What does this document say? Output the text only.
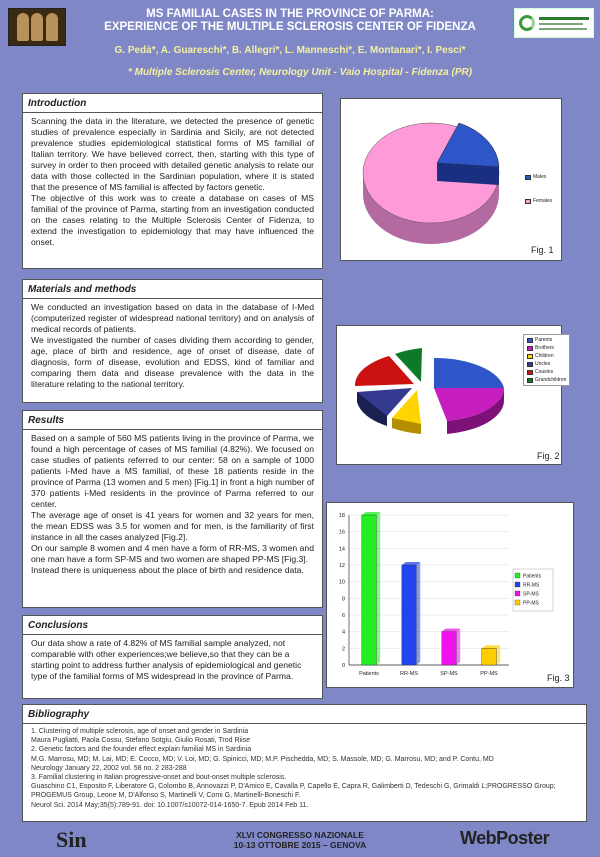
MS FAMILIAL CASES IN THE PROVINCE OF PARMA:
EXPERIENCE OF THE MULTIPLE SCLEROSIS CENTER OF FIDENZA
G. Pedà*, A. Guareschi*, B. Allegri*, L. Manneschi*, E. Montanari*, I. Pesci*
* Multiple Sclerosis Center, Neurology Unit - Vaio Hospital - Fidenza (PR)
Introduction

Scanning the data in the literature, we detected the presence of genetic studies of prevalence especially in Sardinia and Sicily, are not detected prevalence studies epidemiological statistical forms of MS familial of Italian territory. We have believed correct, then, starting with this type of survey in order to then proceed with detailed genetic analysis to relate our data with those collected in the Sardinian population, where it is stated that the presence of MS familial is affected by factors genetic.

The objective of this work was to create a database on cases of MS familial of the province of Parma, starting from an investigation conducted on the cases relating to the Multiple Sclerosis Center of Fidenza, to extend the investigation to epidemiology that may have influenced the onset.

Males
Females
Fig. 1
Materials and methods

We conducted an investigation based on data in the database of I-Med (computerized register of widespread national territory) and on analysis of medical records of patients.

We investigated the number of cases dividing them according to gender, age, place of birth and residence, age of onset of disease, date of diagnosis, form of disease, evolution and EDSS, kind of familiar and comparing them data and disease prevalence with the data in the literature relating to the national territory.

Parents
Brothers
Children
Uncles
Cousins
Grandchildren
Fig. 2
Results

Based on a sample of 560 MS patients living in the province of Parma, we found a high percentage of cases of MS familial (4.82%). We focused on case studies of patients referred to our center: 58 on a sample of 1000 patients i-Med have a MS familial, of these 18 patients reside in the province of Parma (13 women and 5 men) [Fig.1] in front a high number of 370 patients i-Med residents in the province of Parma referred to our center.

The average age of onset is 41 years for women and 32 years for men, the mean EDSS was 3.5 for women and for men, is the familiarity of first instance in all the cases analyzed [Fig.2].

On our sample 8 women and 4 men have a form of RR-MS, 3 women and one man have a form SP-MS and two women are shaped PP-MS [Fig.3].

Instead there is uniqueness about the place of birth and residence data.

0
2
4
6
8
10
12
14
16
18
Patients	RR-MS	SP-MS	PP-MS
Patients
RR-MS
SP-MS
PP-MS
Fig. 3
Conclusions

Our data show a rate of 4.82% of MS familial sample analyzed, not comparable with other experiences;we believe,so that they can be a starting point to address further analysis of epidemiological and genetic type of the familial forms of MS widespread in the province of Parma.

Bibliography
1. Clustering of multiple sclerosis, age of onset and gender in Sardinia
Maura Pugliatti, Paola Cossu, Stefano Sotgiu, Giulio Rosati, Trod Riise
2. Genetic factors and the founder effect explain familial MS in Sardinia
M.G. Marrosu, MD; M. Lai, MD; E. Cocco, MD; V. Loi, MD; G. Spinicci, MD; M.P. Pischedda, MD; S. Massole, MD; G. Marrosu, MD; and P. Contu, MD
Neurology January 22, 2002 vol. 58 no. 2 283-288
3. Familial clustering in Italian progressive-onset and bout-onset multiple sclerosis.
Guaschino C1, Esposito F, Liberatore G, Colombo B, Annovazzi P, D'Amico E, Cavalla P, Capello E, Capra R, Galimberti D, Tedeschi G, Grimaldi L;PROGRESSO Group; PROGEMUS Group, Leone M, D'Alfonso S, Martinelli V, Comi G, Martinelli-Boneschi F.
Neurol Sci. 2014 May;35(5):789-91. doi: 10.1007/s10072-014-1650-7. Epub 2014 Feb 11.
Sin	XLVI CONGRESSO NAZIONALE
10-13 OTTOBRE 2015 – GENOVA	WebPoster
